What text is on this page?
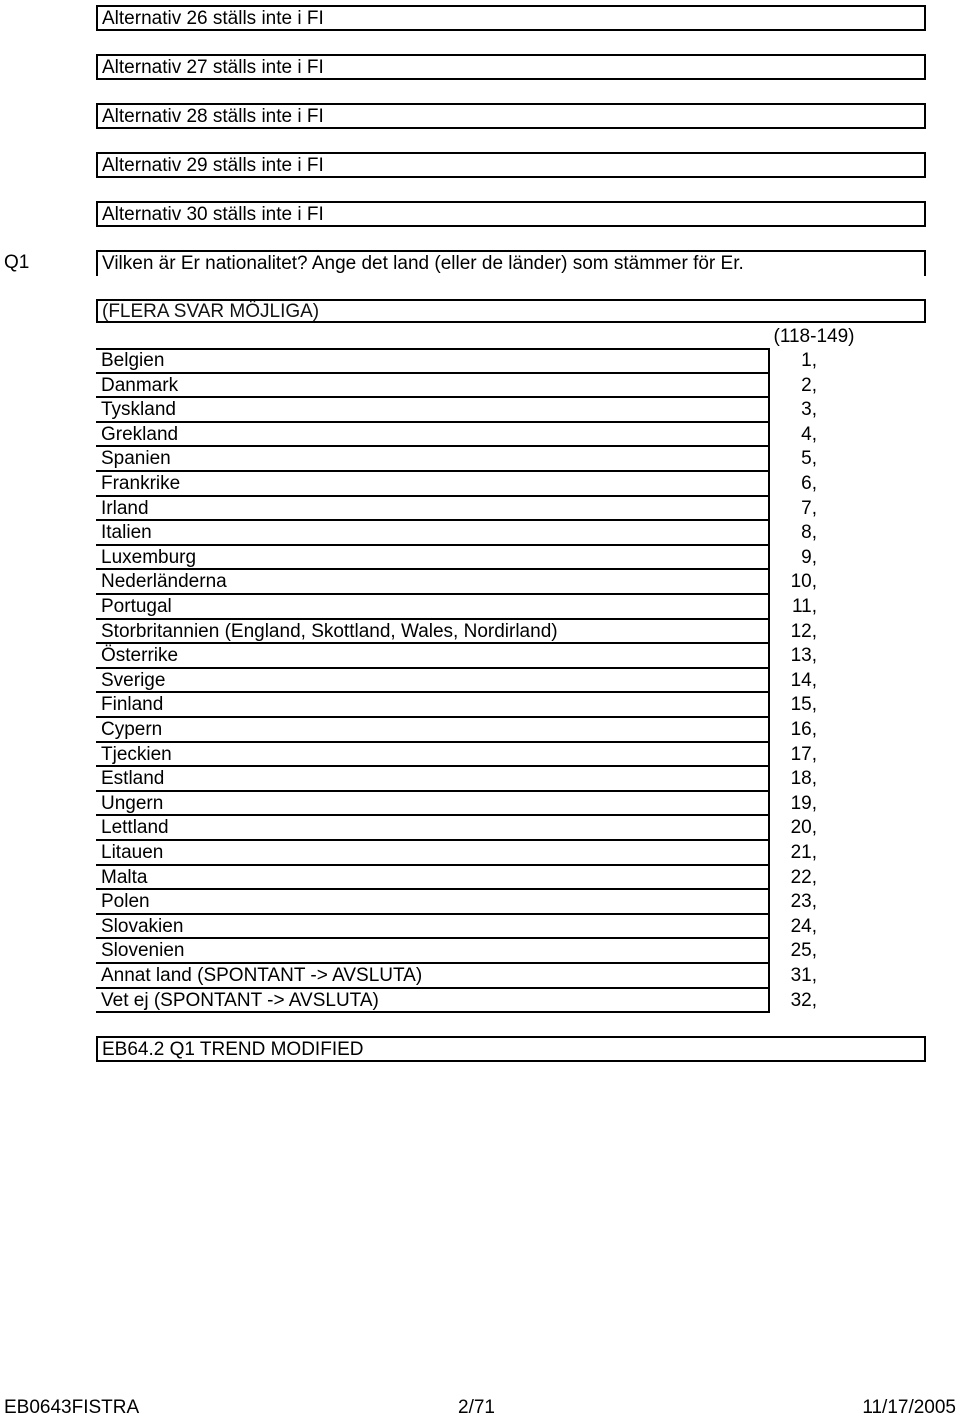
Alternativ 26 ställs inte i FI
Alternativ 27 ställs inte i FI
Alternativ 28 ställs inte i FI
Alternativ 29 ställs inte i FI
Alternativ 30 ställs inte i FI
Q1	Vilken är Er nationalitet? Ange det land (eller de länder) som stämmer för Er.
(FLERA SVAR MÖJLIGA)
(118-149)
Belgien	1,
Danmark	2,
Tyskland	3,
Grekland	4,
Spanien	5,
Frankrike	6,
Irland	7,
Italien	8,
Luxemburg	9,
Nederländerna	10,
Portugal	11,
Storbritannien (England, Skottland, Wales, Nordirland)	12,
Österrike	13,
Sverige	14,
Finland	15,
Cypern	16,
Tjeckien	17,
Estland	18,
Ungern	19,
Lettland	20,
Litauen	21,
Malta	22,
Polen	23,
Slovakien	24,
Slovenien	25,
Annat land (SPONTANT -> AVSLUTA)	31,
Vet ej (SPONTANT -> AVSLUTA)	32,
EB64.2 Q1 TREND MODIFIED
EB0643FISTRA	2/71	11/17/2005
